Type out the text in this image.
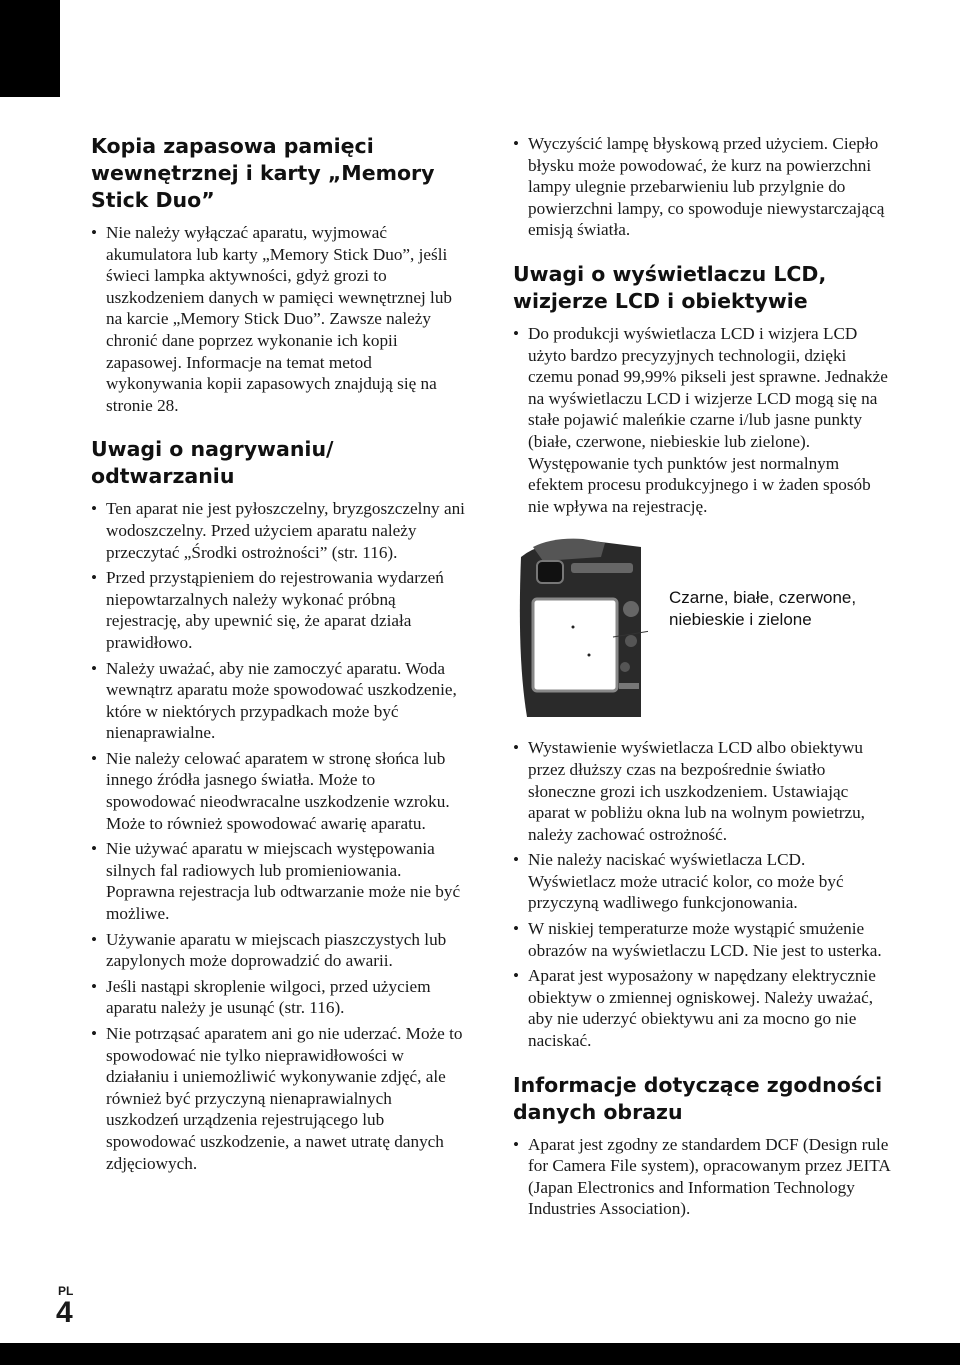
Kopia zapasowa pamięci wewnętrznej i karty „Memory Stick Duo”
• Nie należy wyłączać aparatu, wyjmować akumulatora lub karty „Memory Stick Duo”, jeśli świeci lampka aktywności, gdyż grozi to uszkodzeniem danych w pamięci wewnętrznej lub na karcie „Memory Stick Duo”. Zawsze należy chronić dane poprzez wykonanie ich kopii zapasowej. Informacje na temat metod wykonywania kopii zapasowych znajdują się na stronie 28.
Uwagi o nagrywaniu/ odtwarzaniu
• Ten aparat nie jest pyłoszczelny, bryzgoszczelny ani wodoszczelny. Przed użyciem aparatu należy przeczytać „Środki ostrożności” (str. 116).
• Przed przystąpieniem do rejestrowania wydarzeń niepowtarzalnych należy wykonać próbną rejestrację, aby upewnić się, że aparat działa prawidłowo.
• Należy uważać, aby nie zamoczyć aparatu. Woda wewnątrz aparatu może spowodować uszkodzenie, które w niektórych przypadkach może być nienaprawialne.
• Nie należy celować aparatem w stronę słońca lub innego źródła jasnego światła. Może to spowodować nieodwracalne uszkodzenie wzroku. Może to również spowodować awarię aparatu.
• Nie używać aparatu w miejscach występowania silnych fal radiowych lub promieniowania. Poprawna rejestracja lub odtwarzanie może nie być możliwe.
• Używanie aparatu w miejscach piaszczystych lub zapylonych może doprowadzić do awarii.
• Jeśli nastąpi skroplenie wilgoci, przed użyciem aparatu należy je usunąć (str. 116).
• Nie potrząsać aparatem ani go nie uderzać. Może to spowodować nie tylko nieprawidłowości w działaniu i uniemożliwić wykonywanie zdjęć, ale również być przyczyną nienaprawialnych uszkodzeń urządzenia rejestrującego lub spowodować uszkodzenie, a nawet utratę danych zdjęciowych.
• Wyczyścić lampę błyskową przed użyciem. Ciepło błysku może powodować, że kurz na powierzchni lampy ulegnie przebarwieniu lub przylgnie do powierzchni lampy, co spowoduje niewystarczającą emisją światła.
Uwagi o wyświetlaczu LCD, wizjerze LCD i obiektywie
• Do produkcji wyświetlacza LCD i wizjera LCD użyto bardzo precyzyjnych technologii, dzięki czemu ponad 99,99% pikseli jest sprawne. Jednakże na wyświetlaczu LCD i wizjerze LCD mogą się na stałe pojawić maleńkie czarne i/lub jasne punkty (białe, czerwone, niebieskie lub zielone). Występowanie tych punktów jest normalnym efektem procesu produkcyjnego i w żaden sposób nie wpływa na rejestrację.
Czarne, białe, czerwone, niebieskie i zielone
• Wystawienie wyświetlacza LCD albo obiektywu przez dłuższy czas na bezpośrednie światło słoneczne grozi ich uszkodzeniem. Ustawiając aparat w pobliżu okna lub na wolnym powietrzu, należy zachować ostrożność.
• Nie należy naciskać wyświetlacza LCD. Wyświetlacz może utracić kolor, co może być przyczyną wadliwego funkcjonowania.
• W niskiej temperaturze może wystąpić smużenie obrazów na wyświetlaczu LCD. Nie jest to usterka.
• Aparat jest wyposażony w napędzany elektrycznie obiektyw o zmiennej ogniskowej. Należy uważać, aby nie uderzyć obiektywu ani za mocno go nie naciskać.
Informacje dotyczące zgodności danych obrazu
• Aparat jest zgodny ze standardem DCF (Design rule for Camera File system), opracowanym przez JEITA (Japan Electronics and Information Technology Industries Association).
PL
4
